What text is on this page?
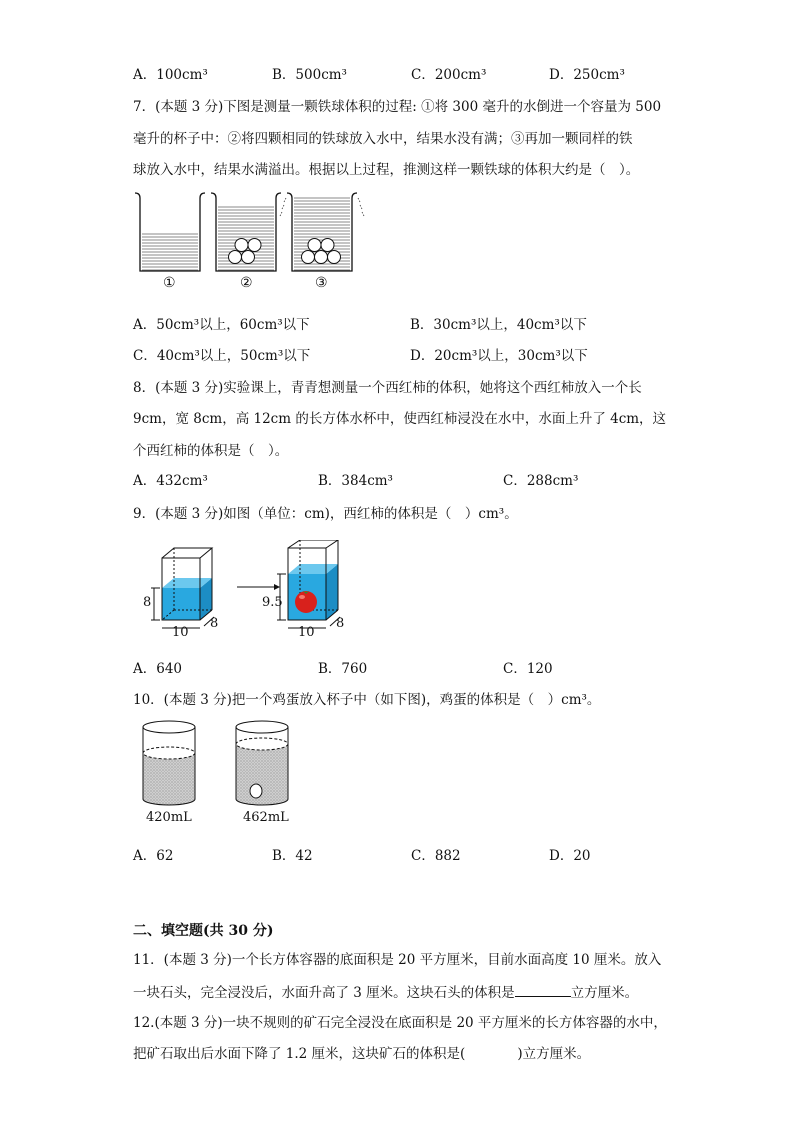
A．100cm³	B．500cm³	C．200cm³	D．250cm³
7．(本题 3 分)下图是测量一颗铁球体积的过程: ①将 300 毫升的水倒进一个容量为 500
毫升的杯子中：②将四颗相同的铁球放入水中，结果水没有满；③再加一颗同样的铁
球放入水中，结果水满溢出。根据以上过程，推测这样一颗铁球的体积大约是（　）。
①	②	③
A．50cm³以上，60cm³以下	B．30cm³以上，40cm³以下
C．40cm³以上，50cm³以下	D．20cm³以上，30cm³以下
8．(本题 3 分)实验课上，青青想测量一个西红柿的体积，她将这个西红柿放入一个长
9cm，宽 8cm，高 12cm 的长方体水杯中，使西红柿浸没在水中，水面上升了 4cm，这
个西红柿的体积是（　）。
A．432cm³	B．384cm³	C．288cm³
9．(本题 3 分)如图（单位：cm)，西红柿的体积是（　）cm³。
8
10
8
9.5
10
8
A．640	B．760	C．120
10．(本题 3 分)把一个鸡蛋放入杯子中（如下图)，鸡蛋的体积是（　）cm³。
420mL	462mL
A．62	B．42	C．882	D．20
二、填空题(共 30 分)
11．(本题 3 分)一个长方体容器的底面积是 20 平方厘米，目前水面高度 10 厘米。放入
一块石头，完全浸没后，水面升高了 3 厘米。这块石头的体积是	立方厘米。
12.(本题 3 分)一块不规则的矿石完全浸没在底面积是 20 平方厘米的长方体容器的水中，
把矿石取出后水面下降了 1.2 厘米，这块矿石的体积是(	)立方厘米。
